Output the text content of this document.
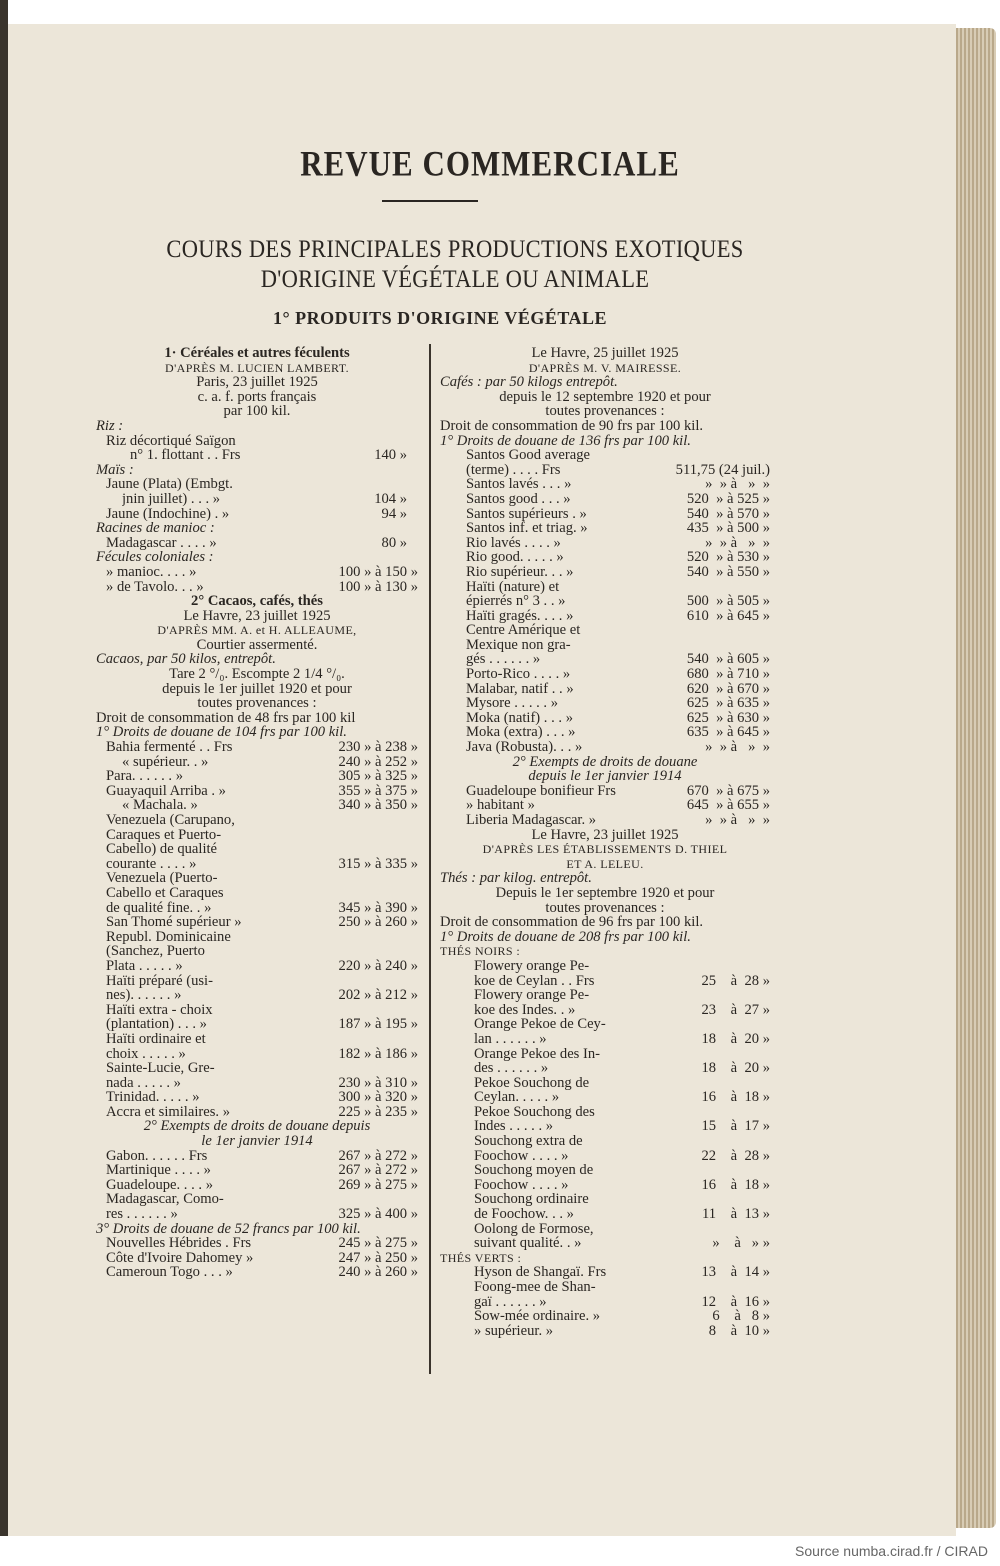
REVUE COMMERCIALE
COURS DES PRINCIPALES PRODUCTIONS EXOTIQUES
D'ORIGINE VÉGÉTALE OU ANIMALE
1° PRODUITS D'ORIGINE VÉGÉTALE
1· Céréales et autres féculents
D'APRÈS M. LUCIEN LAMBERT.
Paris, 23 juillet 1925
c. a. f. ports français
par 100 kil.
Riz :
Riz décortiqué Saïgon
n° 1. flottant . . Frs	140 »
Maïs :
Jaune (Plata) (Embgt.
jnin juillet) . . . »	104 »
Jaune (Indochine) . »	94 »
Racines de manioc :
Madagascar . . . . »	80 »
Fécules coloniales :
» manioc. . . . »	100 » à 150 »
» de Tavolo. . . »	100 » à 130 »
2° Cacaos, cafés, thés
Le Havre, 23 juillet 1925
D'APRÈS MM. A. et H. ALLEAUME,
Courtier assermenté.
Cacaos, par 50 kilos, entrepôt.
Tare 2 °/₀. Escompte 2 1/4 °/₀.
depuis le 1er juillet 1920 et pour
toutes provenances :
Droit de consommation de 48 frs par 100 kil
1° Droits de douane de 104 frs par 100 kil.
Bahia fermenté . . Frs	230 » à 238 »
« supérieur. . »	240 » à 252 »
Para. . . . . . »	305 » à 325 »
Guayaquil Arriba . »	355 » à 375 »
« Machala. »	340 » à 350 »
Venezuela (Carupano,
Caraques et Puerto-
Cabello) de qualité
courante . . . . »	315 » à 335 »
Venezuela (Puerto-
Cabello et Caraques
de qualité fine. . »	345 » à 390 »
San Thomé supérieur »	250 » à 260 »
Republ. Dominicaine
(Sanchez, Puerto
Plata . . . . . »	220 » à 240 »
Haïti préparé (usi-
nes). . . . . . »	202 » à 212 »
Haïti extra - choix
(plantation) . . . »	187 » à 195 »
Haïti ordinaire et
choix . . . . . »	182 » à 186 »
Sainte-Lucie, Gre-
nada . . . . . »	230 » à 310 »
Trinidad. . . . . »	300 » à 320 »
Accra et similaires. »	225 » à 235 »
2° Exempts de droits de douane depuis
le 1er janvier 1914
Gabon. . . . . . Frs	267 » à 272 »
Martinique . . . . »	267 » à 272 »
Guadeloupe. . . . »	269 » à 275 »
Madagascar, Como-
res . . . . . . »	325 » à 400 »
3° Droits de douane de 52 francs par 100 kil.
Nouvelles Hébrides . Frs	245 » à 275 »
Côte d'Ivoire Dahomey »	247 » à 250 »
Cameroun Togo . . . »	240 » à 260 »
Le Havre, 25 juillet 1925
D'APRÈS M. V. MAIRESSE.
Cafés : par 50 kilogs entrepôt.
depuis le 12 septembre 1920 et pour
toutes provenances :
Droit de consommation de 90 frs par 100 kil.
1° Droits de douane de 136 frs par 100 kil.
Santos Good average
(terme) . . . . Frs	511,75 (24 juil.)
Santos lavés . . . »	»  » à   »  »
Santos good . . . »	520  » à 525 »
Santos supérieurs . »	540  » à 570 »
Santos inf. et triag. »	435  » à 500 »
Rio lavés . . . . »	»  » à   »  »
Rio good. . . . . »	520  » à 530 »
Rio supérieur. . . »	540  » à 550 »
Haïti (nature) et
épierrés n° 3 . . »	500  » à 505 »
Haïti gragés. . . . »	610  » à 645 »
Centre Amérique et
Mexique non gra-
gés . . . . . . »	540  » à 605 »
Porto-Rico . . . . »	680  » à 710 »
Malabar, natif . . »	620  » à 670 »
Mysore . . . . . »	625  » à 635 »
Moka (natif) . . . »	625  » à 630 »
Moka (extra) . . . »	635  » à 645 »
Java (Robusta). . . »	»  » à   »  »
2° Exempts de droits de douane
depuis le 1er janvier 1914
Guadeloupe bonifieur Frs	670  » à 675 »
» habitant »	645  » à 655 »
Liberia Madagascar. »	»  » à   »  »
Le Havre, 23 juillet 1925
D'APRÈS LES ÉTABLISSEMENTS D. THIEL
ET A. LELEU.
Thés : par kilog. entrepôt.
Depuis le 1er septembre 1920 et pour
toutes provenances :
Droit de consommation de 96 frs par 100 kil.
1° Droits de douane de 208 frs par 100 kil.
THÉS NOIRS :
Flowery orange Pe-
koe de Ceylan . . Frs	25    à  28 »
Flowery orange Pe-
koe des Indes. . »	23    à  27 »
Orange Pekoe de Cey-
lan . . . . . . »	18    à  20 »
Orange Pekoe des In-
des . . . . . . »	18    à  20 »
Pekoe Souchong de
Ceylan. . . . . »	16    à  18 »
Pekoe Souchong des
Indes . . . . . »	15    à  17 »
Souchong extra de
Foochow . . . . »	22    à  28 »
Souchong moyen de
Foochow . . . . »	16    à  18 »
Souchong ordinaire
de Foochow. . . »	11    à  13 »
Oolong de Formose,
suivant qualité. . »	»    à   » »
THÉS VERTS :
Hyson de Shangaï. Frs	13    à  14 »
Foong-mee de Shan-
gaï . . . . . . »	12    à  16 »
Sow-mée ordinaire. »	6    à   8 »
» supérieur. »	8    à  10 »
Source numba.cirad.fr / CIRAD
